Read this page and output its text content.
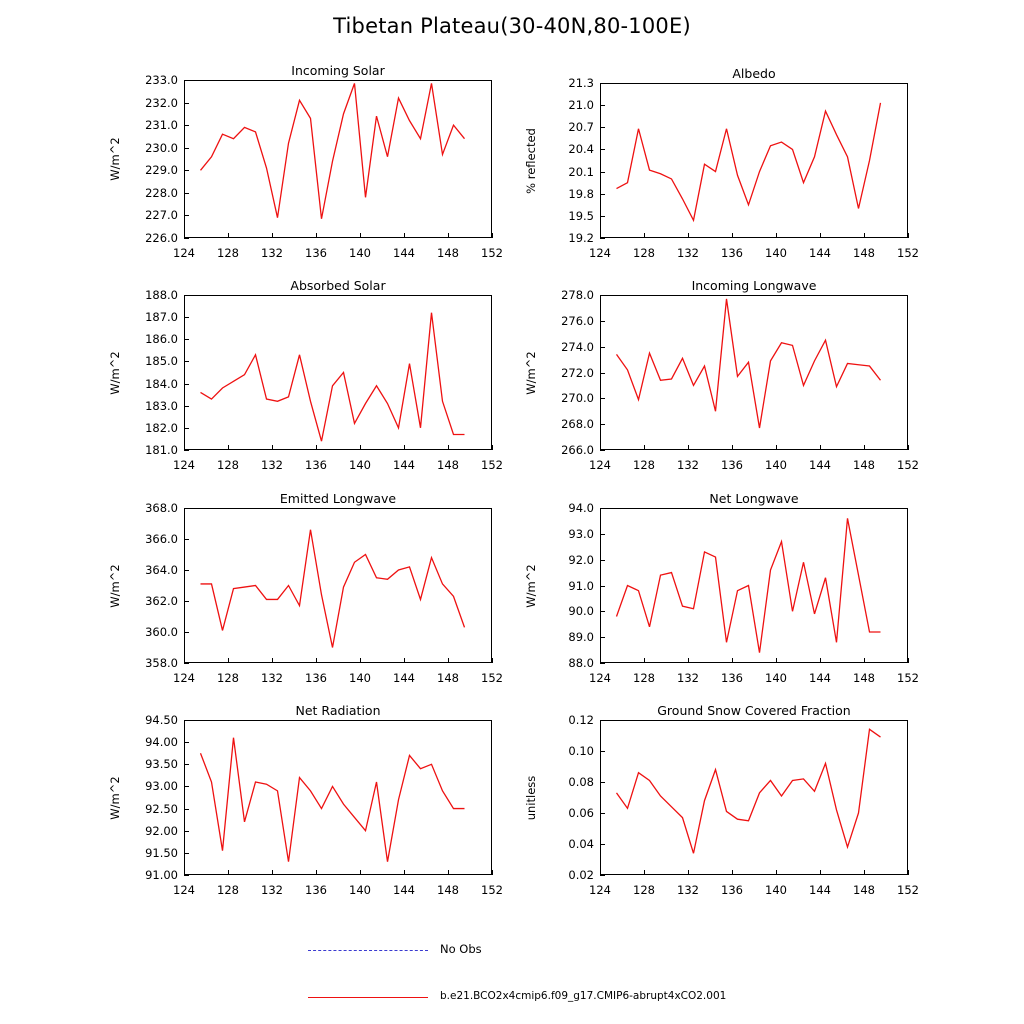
Tibetan Plateau(30-40N,80-100E)
Incoming Solar
W/m^2
226.0
227.0
228.0
229.0
230.0
231.0
232.0
233.0
124 128 132 136 140 144 148 152
Albedo
% reflected
19.2
19.5
19.8
20.1
20.4
20.7
21.0
21.3
124 128 132 136 140 144 148 152
Absorbed Solar
W/m^2
181.0
182.0
183.0
184.0
185.0
186.0
187.0
188.0
124 128 132 136 140 144 148 152
Incoming Longwave
W/m^2
266.0
268.0
270.0
272.0
274.0
276.0
278.0
124 128 132 136 140 144 148 152
Emitted Longwave
W/m^2
358.0
360.0
362.0
364.0
366.0
368.0
124 128 132 136 140 144 148 152
Net Longwave
W/m^2
88.0
89.0
90.0
91.0
92.0
93.0
94.0
124 128 132 136 140 144 148 152
Net Radiation
W/m^2
91.00
91.50
92.00
92.50
93.00
93.50
94.00
94.50
124 128 132 136 140 144 148 152
Ground Snow Covered Fraction
unitless
0.02
0.04
0.06
0.08
0.10
0.12
124 128 132 136 140 144 148 152
No Obs
b.e21.BCO2x4cmip6.f09_g17.CMIP6-abrupt4xCO2.001
